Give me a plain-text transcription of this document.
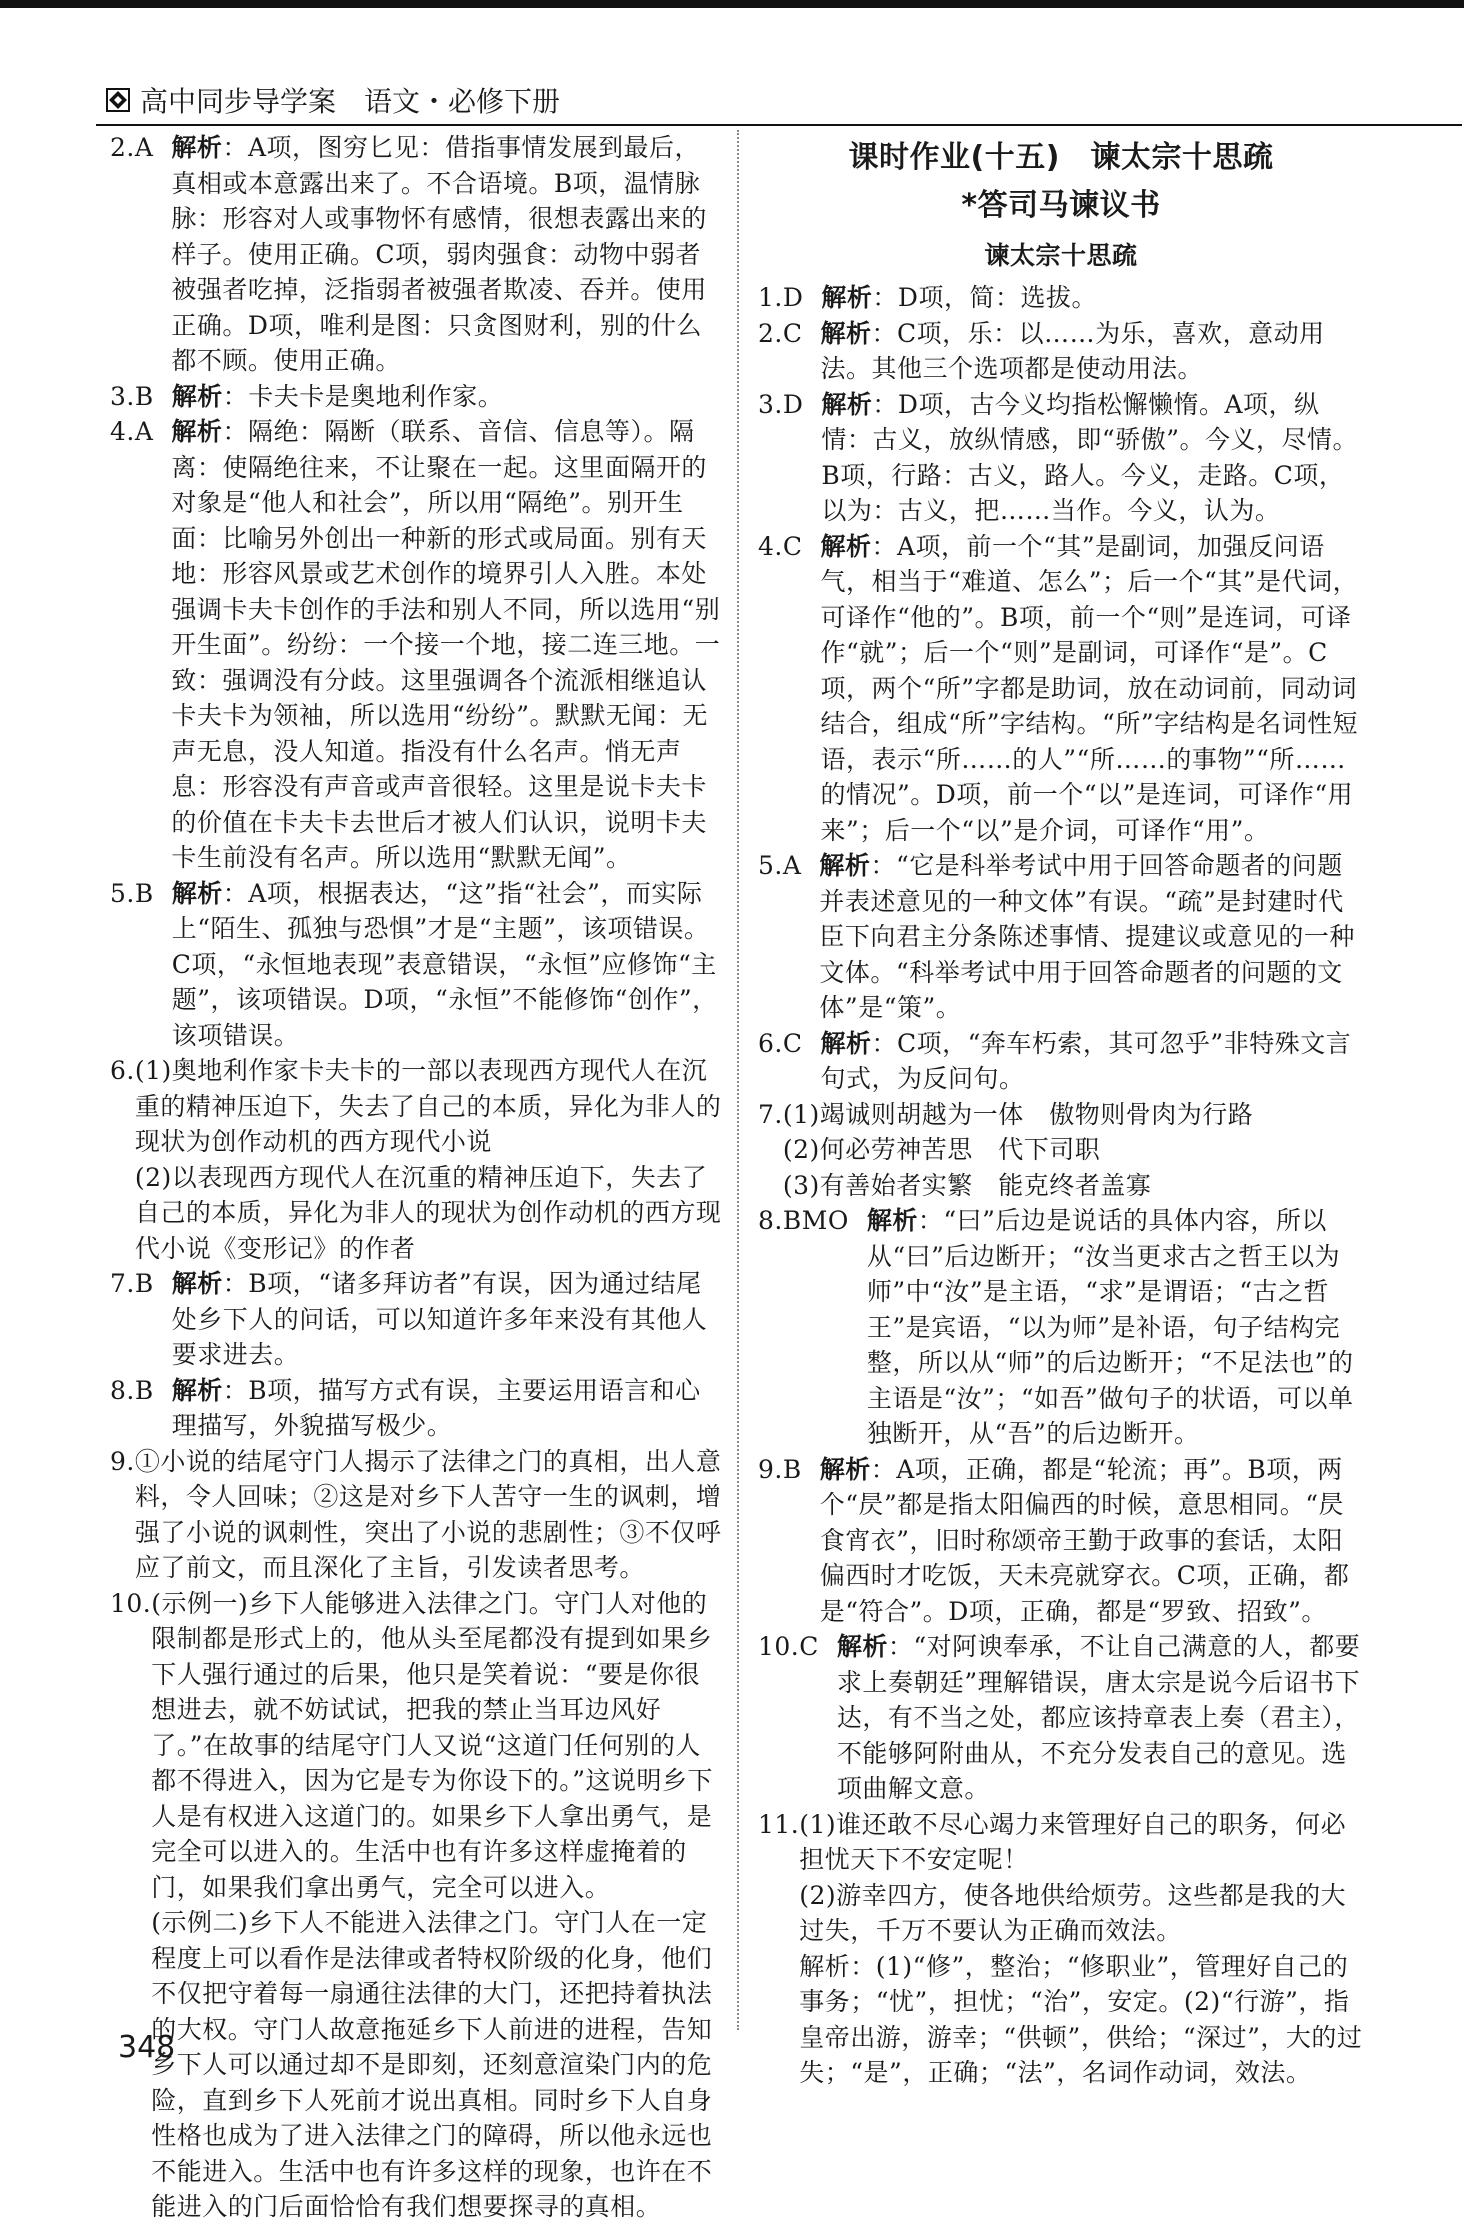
高中同步导学案　语文・必修下册
2.A 解析：A项，图穷匕见：借指事情发展到最后，真相或本意露出来了。不合语境。B项，温情脉脉：形容对人或事物怀有感情，很想表露出来的样子。使用正确。C项，弱肉强食：动物中弱者被强者吃掉，泛指弱者被强者欺凌、吞并。使用正确。D项，唯利是图：只贪图财利，别的什么都不顾。使用正确。
3.B 解析：卡夫卡是奥地利作家。
4.A 解析：隔绝：隔断（联系、音信、信息等）。隔离：使隔绝往来，不让聚在一起。这里面隔开的对象是“他人和社会”，所以用“隔绝”。别开生面：比喻另外创出一种新的形式或局面。别有天地：形容风景或艺术创作的境界引人入胜。本处强调卡夫卡创作的手法和别人不同，所以选用“别开生面”。纷纷：一个接一个地，接二连三地。一致：强调没有分歧。这里强调各个流派相继追认卡夫卡为领袖，所以选用“纷纷”。默默无闻：无声无息，没人知道。指没有什么名声。悄无声息：形容没有声音或声音很轻。这里是说卡夫卡的价值在卡夫卡去世后才被人们认识，说明卡夫卡生前没有名声。所以选用“默默无闻”。
5.B 解析：A项，根据表达，“这”指“社会”，而实际上“陌生、孤独与恐惧”才是“主题”，该项错误。C项，“永恒地表现”表意错误，“永恒”应修饰“主题”，该项错误。D项，“永恒”不能修饰“创作”，该项错误。
6. (1)奥地利作家卡夫卡的一部以表现西方现代人在沉重的精神压迫下，失去了自己的本质，异化为非人的现状为创作动机的西方现代小说
(2)以表现西方现代人在沉重的精神压迫下，失去了自己的本质，异化为非人的现状为创作动机的西方现代小说《变形记》的作者
7.B 解析：B项，“诸多拜访者”有误，因为通过结尾处乡下人的问话，可以知道许多年来没有其他人要求进去。
8.B 解析：B项，描写方式有误，主要运用语言和心理描写，外貌描写极少。
9. ①小说的结尾守门人揭示了法律之门的真相，出人意料，令人回味；②这是对乡下人苦守一生的讽刺，增强了小说的讽刺性，突出了小说的悲剧性；③不仅呼应了前文，而且深化了主旨，引发读者思考。
10. (示例一)乡下人能够进入法律之门。守门人对他的限制都是形式上的，他从头至尾都没有提到如果乡下人强行通过的后果，他只是笑着说：“要是你很想进去，就不妨试试，把我的禁止当耳边风好了。”在故事的结尾守门人又说“这道门任何别的人都不得进入，因为它是专为你设下的。”这说明乡下人是有权进入这道门的。如果乡下人拿出勇气，是完全可以进入的。生活中也有许多这样虚掩着的门，如果我们拿出勇气，完全可以进入。
(示例二)乡下人不能进入法律之门。守门人在一定程度上可以看作是法律或者特权阶级的化身，他们不仅把守着每一扇通往法律的大门，还把持着执法的大权。守门人故意拖延乡下人前进的进程，告知乡下人可以通过却不是即刻，还刻意渲染门内的危险，直到乡下人死前才说出真相。同时乡下人自身性格也成为了进入法律之门的障碍，所以他永远也不能进入。生活中也有许多这样的现象，也许在不能进入的门后面恰恰有我们想要探寻的真相。
课时作业(十五)　谏太宗十思疏
*答司马谏议书
谏太宗十思疏
1.D 解析：D项，简：选拔。
2.C 解析：C项，乐：以……为乐，喜欢，意动用法。其他三个选项都是使动用法。
3.D 解析：D项，古今义均指松懈懒惰。A项，纵情：古义，放纵情感，即“骄傲”。今义，尽情。B项，行路：古义，路人。今义，走路。C项，以为：古义，把……当作。今义，认为。
4.C 解析：A项，前一个“其”是副词，加强反问语气，相当于“难道、怎么”；后一个“其”是代词，可译作“他的”。B项，前一个“则”是连词，可译作“就”；后一个“则”是副词，可译作“是”。C项，两个“所”字都是助词，放在动词前，同动词结合，组成“所”字结构。“所”字结构是名词性短语，表示“所……的人”“所……的事物”“所……的情况”。D项，前一个“以”是连词，可译作“用来”；后一个“以”是介词，可译作“用”。
5.A 解析：“它是科举考试中用于回答命题者的问题并表述意见的一种文体”有误。“疏”是封建时代臣下向君主分条陈述事情、提建议或意见的一种文体。“科举考试中用于回答命题者的问题的文体”是“策”。
6.C 解析：C项，“奔车朽索，其可忽乎”非特殊文言句式，为反问句。
7. (1)竭诚则胡越为一体　傲物则骨肉为行路
(2)何必劳神苦思　代下司职
(3)有善始者实繁　能克终者盖寡
8.BMO 解析：“曰”后边是说话的具体内容，所以从“曰”后边断开；“汝当更求古之哲王以为师”中“汝”是主语，“求”是谓语；“古之哲王”是宾语，“以为师”是补语，句子结构完整，所以从“师”的后边断开；“不足法也”的主语是“汝”；“如吾”做句子的状语，可以单独断开，从“吾”的后边断开。
9.B 解析：A项，正确，都是“轮流；再”。B项，两个“昃”都是指太阳偏西的时候，意思相同。“昃食宵衣”，旧时称颂帝王勤于政事的套话，太阳偏西时才吃饭，天未亮就穿衣。C项，正确，都是“符合”。D项，正确，都是“罗致、招致”。
10.C 解析：“对阿谀奉承，不让自己满意的人，都要求上奏朝廷”理解错误，唐太宗是说今后诏书下达，有不当之处，都应该持章表上奏（君主），不能够阿附曲从，不充分发表自己的意见。选项曲解文意。
11. (1)谁还敢不尽心竭力来管理好自己的职务，何必担忧天下不安定呢！
(2)游幸四方，使各地供给烦劳。这些都是我的大过失，千万不要认为正确而效法。
解析：(1)“修”，整治；“修职业”，管理好自己的事务；“忧”，担忧；“治”，安定。(2)“行游”，指皇帝出游，游幸；“供顿”，供给；“深过”，大的过失；“是”，正确；“法”，名词作动词，效法。
348
